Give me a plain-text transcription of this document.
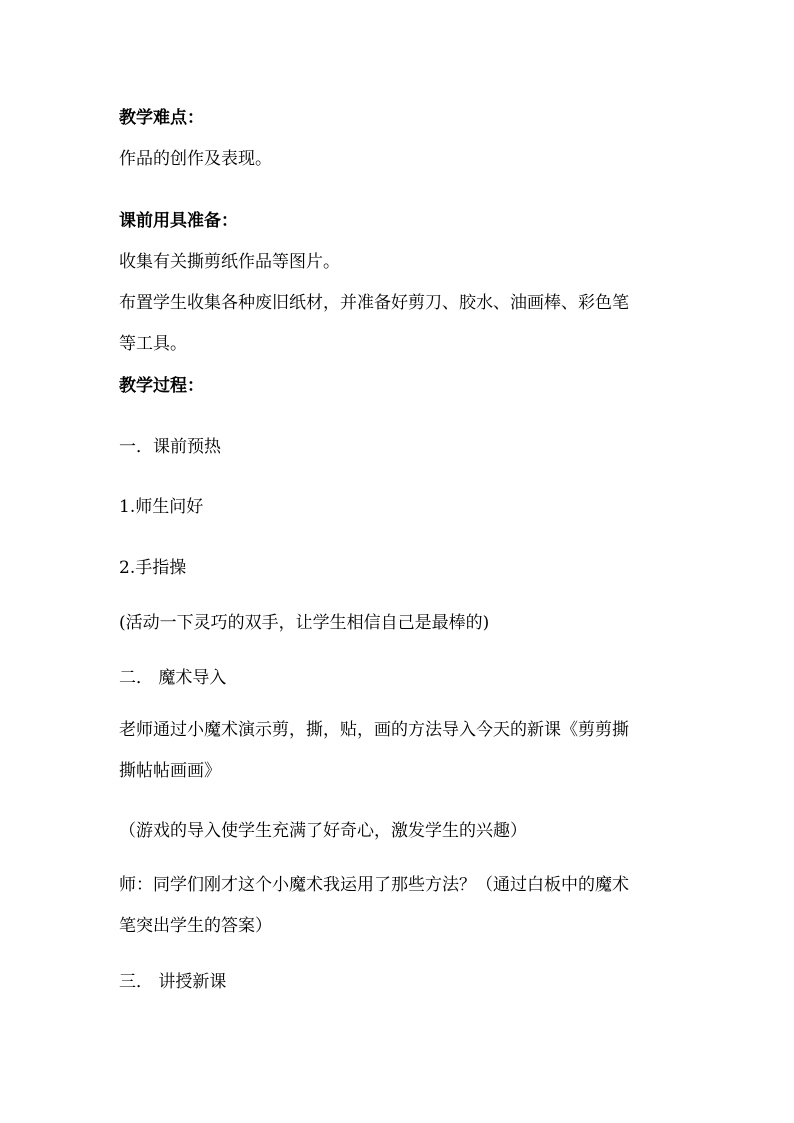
教学难点：

作品的创作及表现。

课前用具准备：

收集有关撕剪纸作品等图片。

布置学生收集各种废旧纸材，并准备好剪刀、胶水、油画棒、彩色笔

等工具。

教学过程：

一．课前预热

1.师生问好

2.手指操

(活动一下灵巧的双手，让学生相信自己是最棒的)

二． 魔术导入

老师通过小魔术演示剪，撕，贴，画的方法导入今天的新课《剪剪撕

撕帖帖画画》

（游戏的导入使学生充满了好奇心，激发学生的兴趣）

师：同学们刚才这个小魔术我运用了那些方法？（通过白板中的魔术

笔突出学生的答案）

三． 讲授新课
